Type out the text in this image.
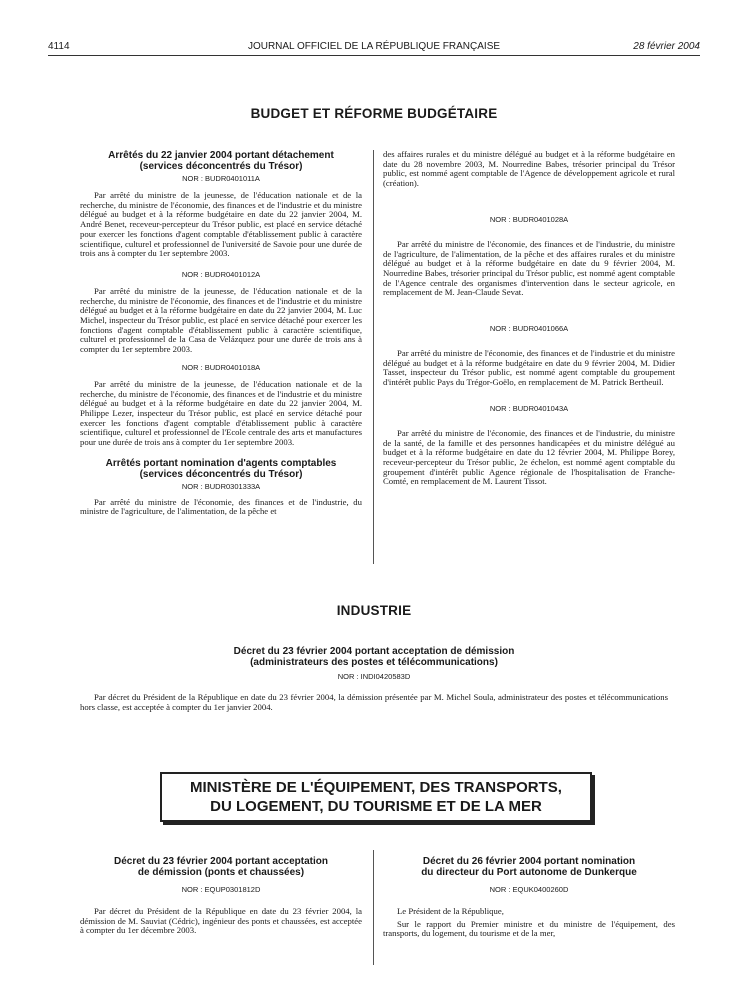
4114	JOURNAL OFFICIEL DE LA RÉPUBLIQUE FRANÇAISE	28 février 2004
BUDGET ET RÉFORME BUDGÉTAIRE
Arrêtés du 22 janvier 2004 portant détachement
(services déconcentrés du Trésor)
NOR : BUDR0401011A
Par arrêté du ministre de la jeunesse, de l'éducation nationale et de la recherche, du ministre de l'économie, des finances et de l'industrie et du ministre délégué au budget et à la réforme budgétaire en date du 22 janvier 2004, M. André Benet, receveur-percepteur du Trésor public, est placé en service détaché pour exercer les fonctions d'agent comptable d'établissement public à caractère scientifique, culturel et professionnel de l'université de Savoie pour une durée de trois ans à compter du 1er septembre 2003.
NOR : BUDR0401012A
Par arrêté du ministre de la jeunesse, de l'éducation nationale et de la recherche, du ministre de l'économie, des finances et de l'industrie et du ministre délégué au budget et à la réforme budgétaire en date du 22 janvier 2004, M. Luc Michel, inspecteur du Trésor public, est placé en service détaché pour exercer les fonctions d'agent comptable d'établissement public à caractère scientifique, culturel et professionnel de la Casa de Velázquez pour une durée de trois ans à compter du 1er septembre 2003.
NOR : BUDR0401018A
Par arrêté du ministre de la jeunesse, de l'éducation nationale et de la recherche, du ministre de l'économie, des finances et de l'industrie et du ministre délégué au budget et à la réforme budgétaire en date du 22 janvier 2004, M. Philippe Lezer, inspecteur du Trésor public, est placé en service détaché pour exercer les fonctions d'agent comptable d'établissement public à caractère scientifique, culturel et professionnel de l'Ecole centrale des arts et manufactures pour une durée de trois ans à compter du 1er septembre 2003.
Arrêtés portant nomination d'agents comptables
(services déconcentrés du Trésor)
NOR : BUDR0301333A
Par arrêté du ministre de l'économie, des finances et de l'industrie, du ministre de l'agriculture, de l'alimentation, de la pêche et
des affaires rurales et du ministre délégué au budget et à la réforme budgétaire en date du 28 novembre 2003, M. Nourredine Babes, trésorier principal du Trésor public, est nommé agent comptable de l'Agence de développement agricole et rural (création).
NOR : BUDR0401028A
Par arrêté du ministre de l'économie, des finances et de l'industrie, du ministre de l'agriculture, de l'alimentation, de la pêche et des affaires rurales et du ministre délégué au budget et à la réforme budgétaire en date du 9 février 2004, M. Nourredine Babes, trésorier principal du Trésor public, est nommé agent comptable de l'Agence centrale des organismes d'intervention dans le secteur agricole, en remplacement de M. Jean-Claude Sevat.
NOR : BUDR0401066A
Par arrêté du ministre de l'économie, des finances et de l'industrie et du ministre délégué au budget et à la réforme budgétaire en date du 9 février 2004, M. Didier Tasset, inspecteur du Trésor public, est nommé agent comptable du groupement d'intérêt public Pays du Trégor-Goëlo, en remplacement de M. Patrick Bertheuil.
NOR : BUDR0401043A
Par arrêté du ministre de l'économie, des finances et de l'industrie, du ministre de la santé, de la famille et des personnes handicapées et du ministre délégué au budget et à la réforme budgétaire en date du 12 février 2004, M. Philippe Borey, receveur-percepteur du Trésor public, 2e échelon, est nommé agent comptable du groupement d'intérêt public Agence régionale de l'hospitalisation de Franche-Comté, en remplacement de M. Laurent Tissot.
INDUSTRIE
Décret du 23 février 2004 portant acceptation de démission
(administrateurs des postes et télécommunications)
NOR : INDI0420583D
Par décret du Président de la République en date du 23 février 2004, la démission présentée par M. Michel Soula, administrateur des postes et télécommunications hors classe, est acceptée à compter du 1er janvier 2004.
MINISTÈRE DE L'ÉQUIPEMENT, DES TRANSPORTS,
DU LOGEMENT, DU TOURISME ET DE LA MER
Décret du 23 février 2004 portant acceptation
de démission (ponts et chaussées)
NOR : EQUP0301812D
Par décret du Président de la République en date du 23 février 2004, la démission de M. Sauviat (Cédric), ingénieur des ponts et chaussées, est acceptée à compter du 1er décembre 2003.
Décret du 26 février 2004 portant nomination
du directeur du Port autonome de Dunkerque
NOR : EQUK0400260D
Le Président de la République,
Sur le rapport du Premier ministre et du ministre de l'équipement, des transports, du logement, du tourisme et de la mer,
